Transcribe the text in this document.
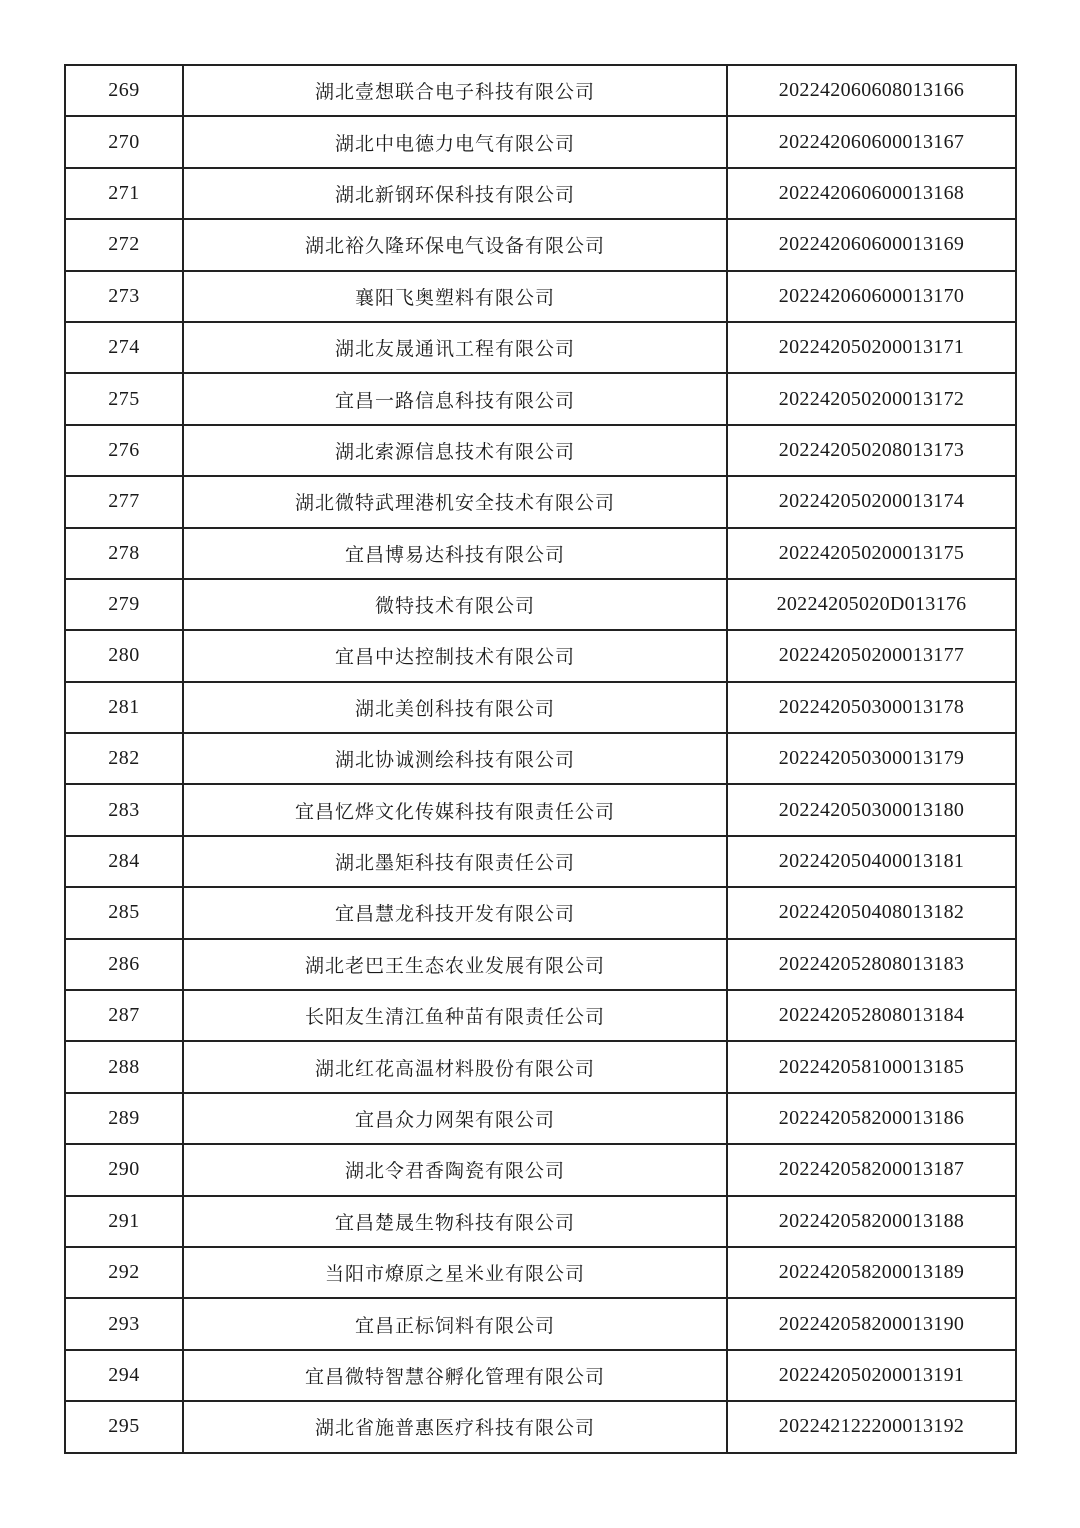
269	湖北壹想联合电子科技有限公司	202242060608013166
270	湖北中电德力电气有限公司	202242060600013167
271	湖北新钢环保科技有限公司	202242060600013168
272	湖北裕久隆环保电气设备有限公司	202242060600013169
273	襄阳飞奥塑料有限公司	202242060600013170
274	湖北友晟通讯工程有限公司	202242050200013171
275	宜昌一路信息科技有限公司	202242050200013172
276	湖北索源信息技术有限公司	202242050208013173
277	湖北微特武理港机安全技术有限公司	202242050200013174
278	宜昌博易达科技有限公司	202242050200013175
279	微特技术有限公司	20224205020D013176
280	宜昌中达控制技术有限公司	202242050200013177
281	湖北美创科技有限公司	202242050300013178
282	湖北协诚测绘科技有限公司	202242050300013179
283	宜昌忆烨文化传媒科技有限责任公司	202242050300013180
284	湖北墨矩科技有限责任公司	202242050400013181
285	宜昌慧龙科技开发有限公司	202242050408013182
286	湖北老巴王生态农业发展有限公司	202242052808013183
287	长阳友生清江鱼种苗有限责任公司	202242052808013184
288	湖北红花高温材料股份有限公司	202242058100013185
289	宜昌众力网架有限公司	202242058200013186
290	湖北令君香陶瓷有限公司	202242058200013187
291	宜昌楚晟生物科技有限公司	202242058200013188
292	当阳市燎原之星米业有限公司	202242058200013189
293	宜昌正标饲料有限公司	202242058200013190
294	宜昌微特智慧谷孵化管理有限公司	202242050200013191
295	湖北省施普惠医疗科技有限公司	202242122200013192
